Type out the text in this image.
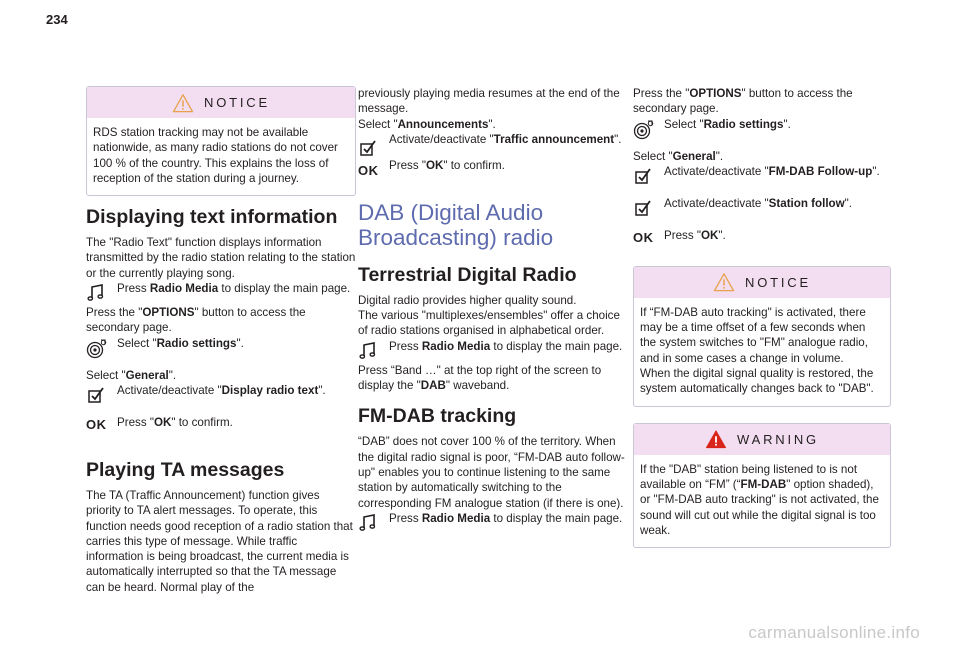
234
NOTICE
RDS station tracking may not be available nationwide, as many radio stations do not cover 100 % of the country. This explains the loss of reception of the station during a journey.
Displaying text information

The "Radio Text" function displays information transmitted by the radio station relating to the station or the currently playing song.

Press Radio Media to display the main page.

Press the "OPTIONS" button to access the secondary page.

Select "Radio settings".

Select "General".

Activate/deactivate "Display radio text".
OK Press "OK" to confirm.
Playing TA messages

The TA (Traffic Announcement) function gives priority to TA alert messages. To operate, this function needs good reception of a radio station that carries this type of message. While traffic information is being broadcast, the current media is automatically interrupted so that the TA message can be heard. Normal play of the

previously playing media resumes at the end of the message.

Select "Announcements".

Activate/deactivate "Traffic announcement".
OK Press "OK" to confirm.
DAB (Digital Audio Broadcasting) radio
Terrestrial Digital Radio

Digital radio provides higher quality sound.

The various "multiplexes/ensembles" offer a choice of radio stations organised in alphabetical order.

Press Radio Media to display the main page.

Press “Band …" at the top right of the screen to display the "DAB" waveband.

FM-DAB tracking

“DAB” does not cover 100 % of the territory. When the digital radio signal is poor, “FM-DAB auto follow-up" enables you to continue listening to the same station by automatically switching to the corresponding FM analogue station (if there is one).

Press Radio Media to display the main page.

Press the "OPTIONS" button to access the secondary page.

Select "Radio settings".

Select "General".

Activate/deactivate "FM-DAB Follow-up".
Activate/deactivate "Station follow".
OK Press "OK".
NOTICE

If “FM-DAB auto tracking" is activated, there may be a time offset of a few seconds when the system switches to "FM" analogue radio, and in some cases a change in volume.

When the digital signal quality is restored, the system automatically changes back to "DAB".

WARNING
If the "DAB" station being listened to is not available on “FM” (“FM-DAB" option shaded), or "FM-DAB auto tracking" is not activated, the sound will cut out while the digital signal is too weak.
carmanualsonline.info
